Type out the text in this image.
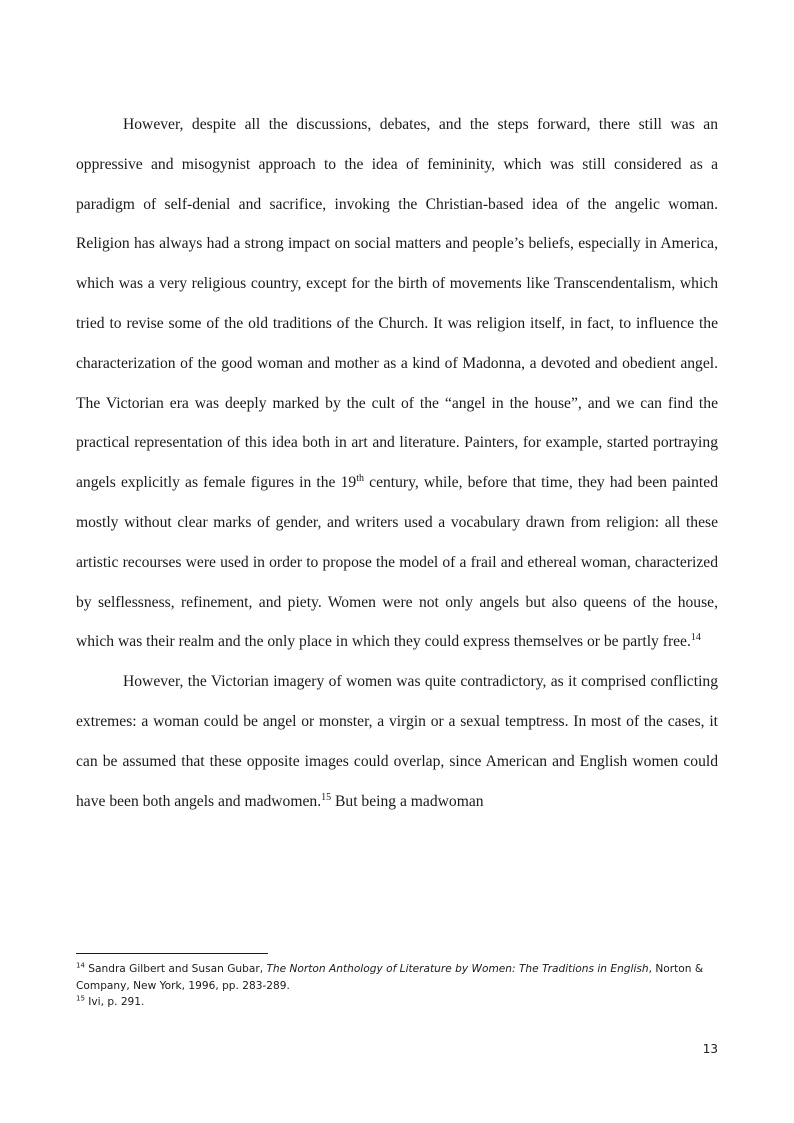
However, despite all the discussions, debates, and the steps forward, there still was an oppressive and misogynist approach to the idea of femininity, which was still considered as a paradigm of self-denial and sacrifice, invoking the Christian-based idea of the angelic woman. Religion has always had a strong impact on social matters and people’s beliefs, especially in America, which was a very religious country, except for the birth of movements like Transcendentalism, which tried to revise some of the old traditions of the Church. It was religion itself, in fact, to influence the characterization of the good woman and mother as a kind of Madonna, a devoted and obedient angel. The Victorian era was deeply marked by the cult of the “angel in the house”, and we can find the practical representation of this idea both in art and literature. Painters, for example, started portraying angels explicitly as female figures in the 19th century, while, before that time, they had been painted mostly without clear marks of gender, and writers used a vocabulary drawn from religion: all these artistic recourses were used in order to propose the model of a frail and ethereal woman, characterized by selflessness, refinement, and piety. Women were not only angels but also queens of the house, which was their realm and the only place in which they could express themselves or be partly free.$^{14}$

However, the Victorian imagery of women was quite contradictory, as it comprised conflicting extremes: a woman could be angel or monster, a virgin or a sexual temptress. In most of the cases, it can be assumed that these opposite images could overlap, since American and English women could have been both angels and madwomen.$^{15}$ But being a madwoman

$^{14}$ Sandra Gilbert and Susan Gubar, The Norton Anthology of Literature by Women: The Traditions in English, Norton & Company, New York, 1996, pp. 283-289.

$^{15}$ Ivi, p. 291.

13
